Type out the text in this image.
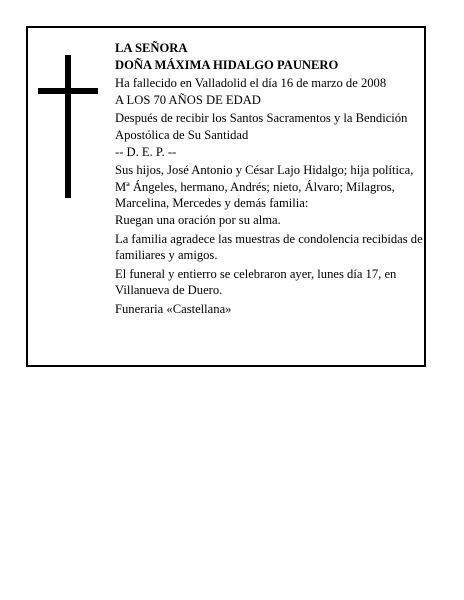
LA SEÑORA

DOÑA MÁXIMA HIDALGO PAUNERO

Ha fallecido en Valladolid el día 16 de marzo de 2008

A LOS 70 AÑOS DE EDAD

Después de recibir los Santos Sacramentos y la Bendición Apostólica de Su Santidad

-- D. E. P. --

Sus hijos, José Antonio y César Lajo Hidalgo; hija política, Mª Ángeles, hermano, Andrés; nieto, Álvaro; Milagros, Marcelina, Mercedes y demás familia:

Ruegan una oración por su alma.

La familia agradece las muestras de condolencia recibidas de familiares y amigos.

El funeral y entierro se celebraron ayer, lunes día 17, en Villanueva de Duero.

Funeraria «Castellana»
